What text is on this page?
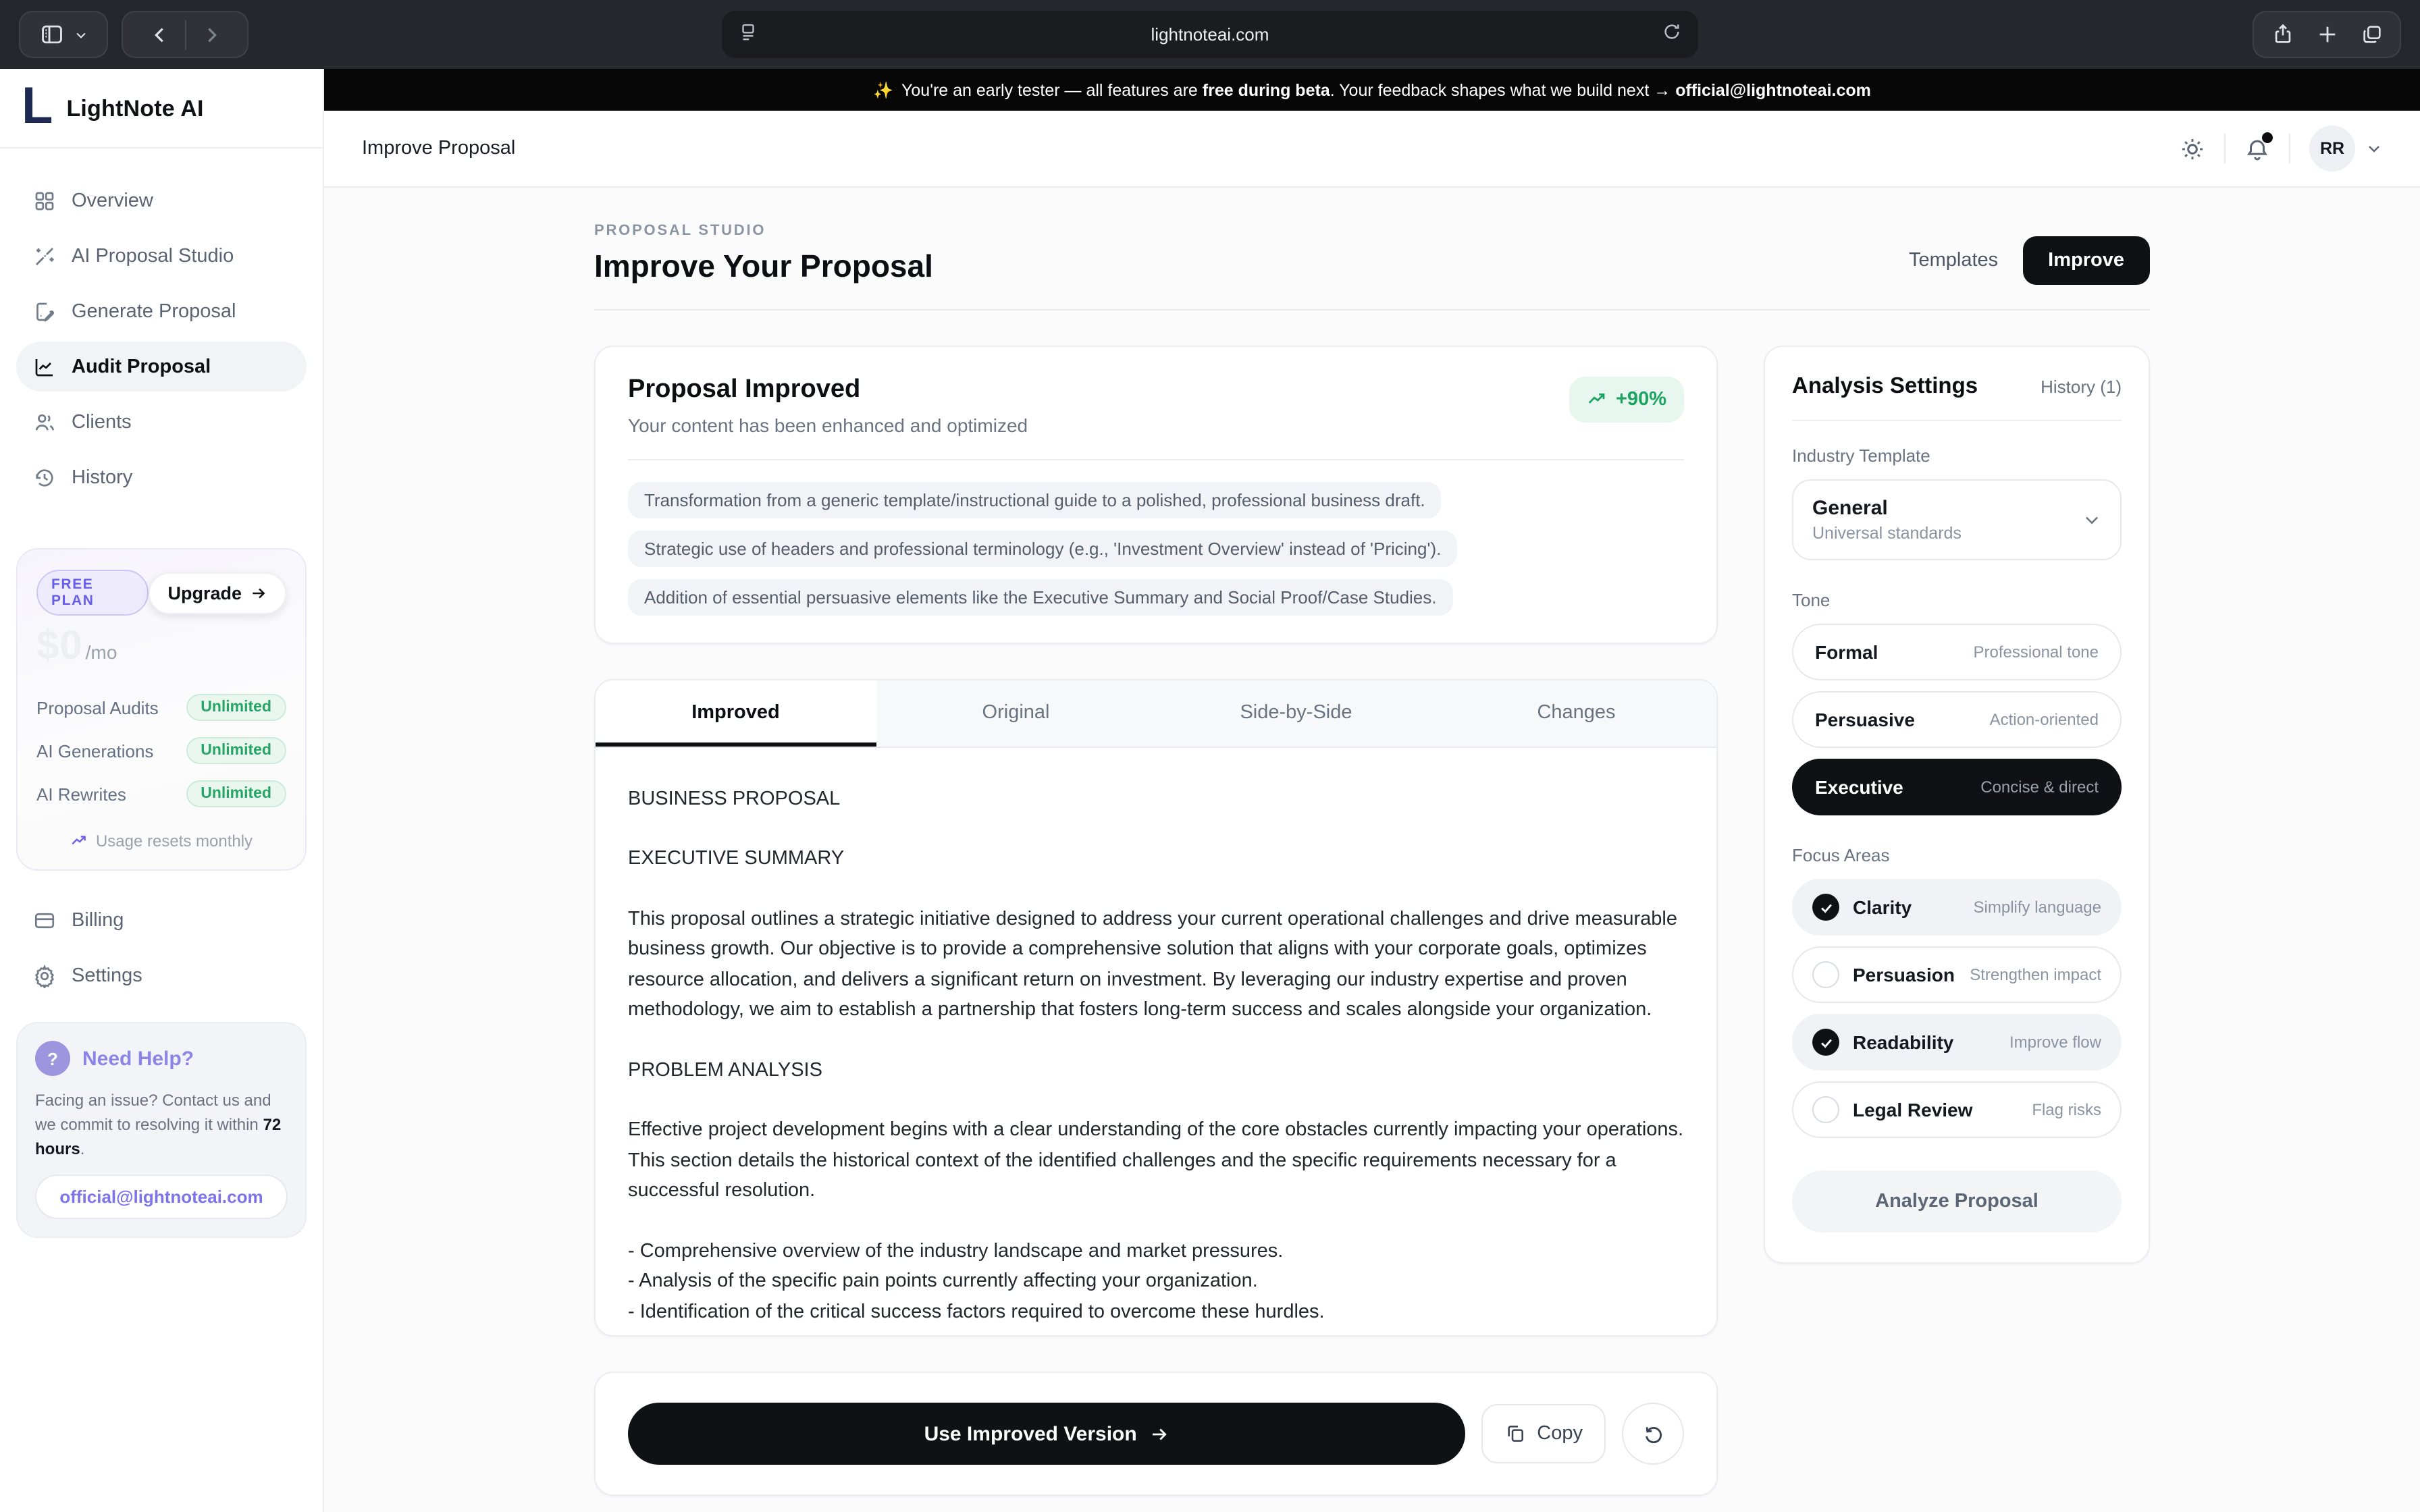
lightnoteai.com
L LightNote AI
Overview
AI Proposal Studio
Generate Proposal
Audit Proposal
Clients
History
FREE PLAN	Upgrade
$0 /mo
Proposal Audits	Unlimited
AI Generations	Unlimited
AI Rewrites	Unlimited
Usage resets monthly
Billing
Settings
?	Need Help?
Facing an issue? Contact us and we commit to resolving it within 72 hours.
official@lightnoteai.com
✨ You're an early tester — all features are free during beta. Your feedback shapes what we build next → official@lightnoteai.com
Improve Proposal	RR
PROPOSAL STUDIO
Improve Your Proposal	Templates	Improve
Proposal Improved
Your content has been enhanced and optimized
+90%
Transformation from a generic template/instructional guide to a polished, professional business draft.
Strategic use of headers and professional terminology (e.g., 'Investment Overview' instead of 'Pricing').
Addition of essential persuasive elements like the Executive Summary and Social Proof/Case Studies.
Improved	Original	Side-by-Side	Changes

BUSINESS PROPOSAL

EXECUTIVE SUMMARY

This proposal outlines a strategic initiative designed to address your current operational challenges and drive measurable business growth. Our objective is to provide a comprehensive solution that aligns with your corporate goals, optimizes resource allocation, and delivers a significant return on investment. By leveraging our industry expertise and proven methodology, we aim to establish a partnership that fosters long-term success and scales alongside your organization.

PROBLEM ANALYSIS

Effective project development begins with a clear understanding of the core obstacles currently impacting your operations. This section details the historical context of the identified challenges and the specific requirements necessary for a successful resolution.

- Comprehensive overview of the industry landscape and market pressures.

- Analysis of the specific pain points currently affecting your organization.

- Identification of the critical success factors required to overcome these hurdles.

Use Improved Version	Copy
Analysis Settings	History (1)
Industry Template
General
Universal standards
Tone
Formal	Professional tone
Persuasive	Action-oriented
Executive	Concise & direct
Focus Areas
Clarity	Simplify language
Persuasion Strengthen impact
Readability	Improve flow
Legal Review	Flag risks
Analyze Proposal
